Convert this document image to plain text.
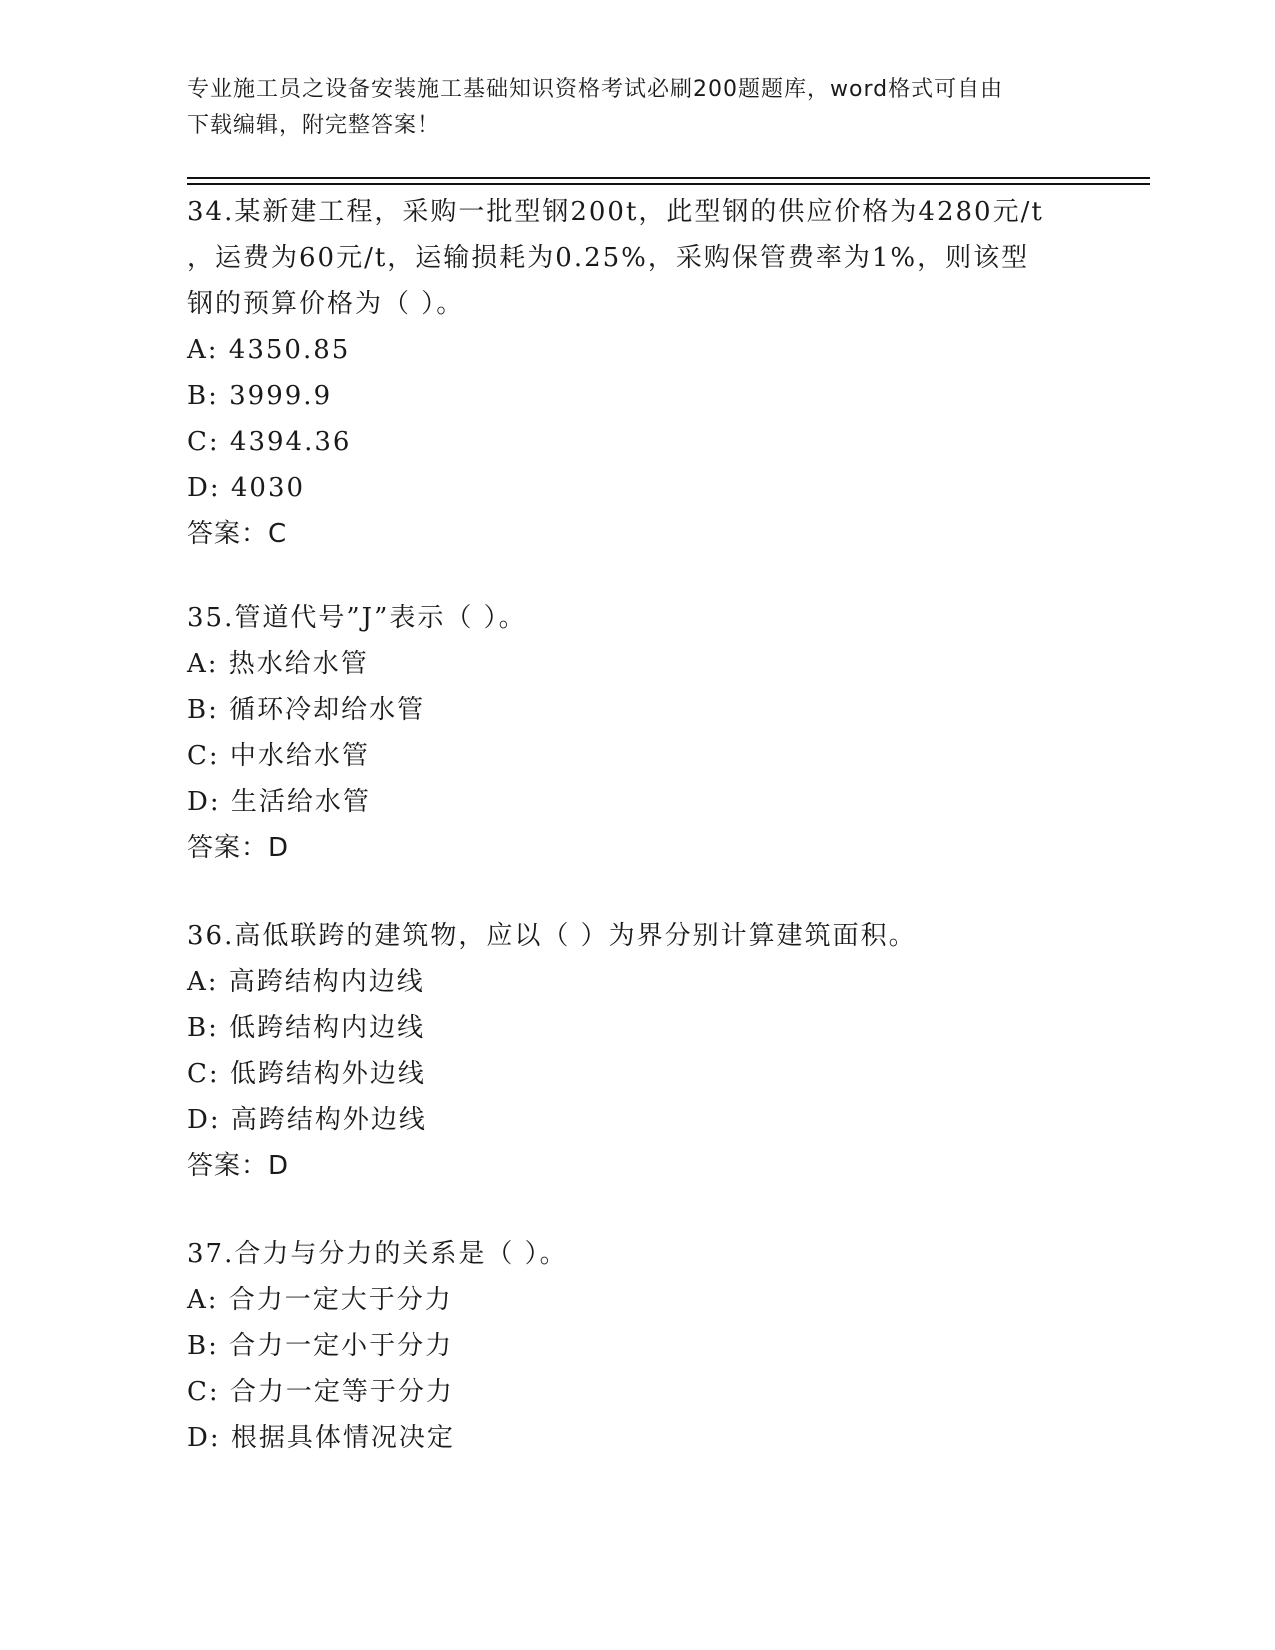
专业施工员之设备安装施工基础知识资格考试必刷200题题库，word格式可自由
下载编辑，附完整答案！
34.某新建工程，采购一批型钢200t，此型钢的供应价格为4280元/t
，运费为60元/t，运输损耗为0.25%，采购保管费率为1%，则该型
钢的预算价格为（ ）。
A: 4350.85
B: 3999.9
C: 4394.36
D: 4030
答案：C
35.管道代号”J”表示（ ）。
A: 热水给水管
B: 循环冷却给水管
C: 中水给水管
D: 生活给水管
答案：D
36.高低联跨的建筑物，应以（ ）为界分别计算建筑面积。
A: 高跨结构内边线
B: 低跨结构内边线
C: 低跨结构外边线
D: 高跨结构外边线
答案：D
37.合力与分力的关系是（ ）。
A: 合力一定大于分力
B: 合力一定小于分力
C: 合力一定等于分力
D: 根据具体情况决定
